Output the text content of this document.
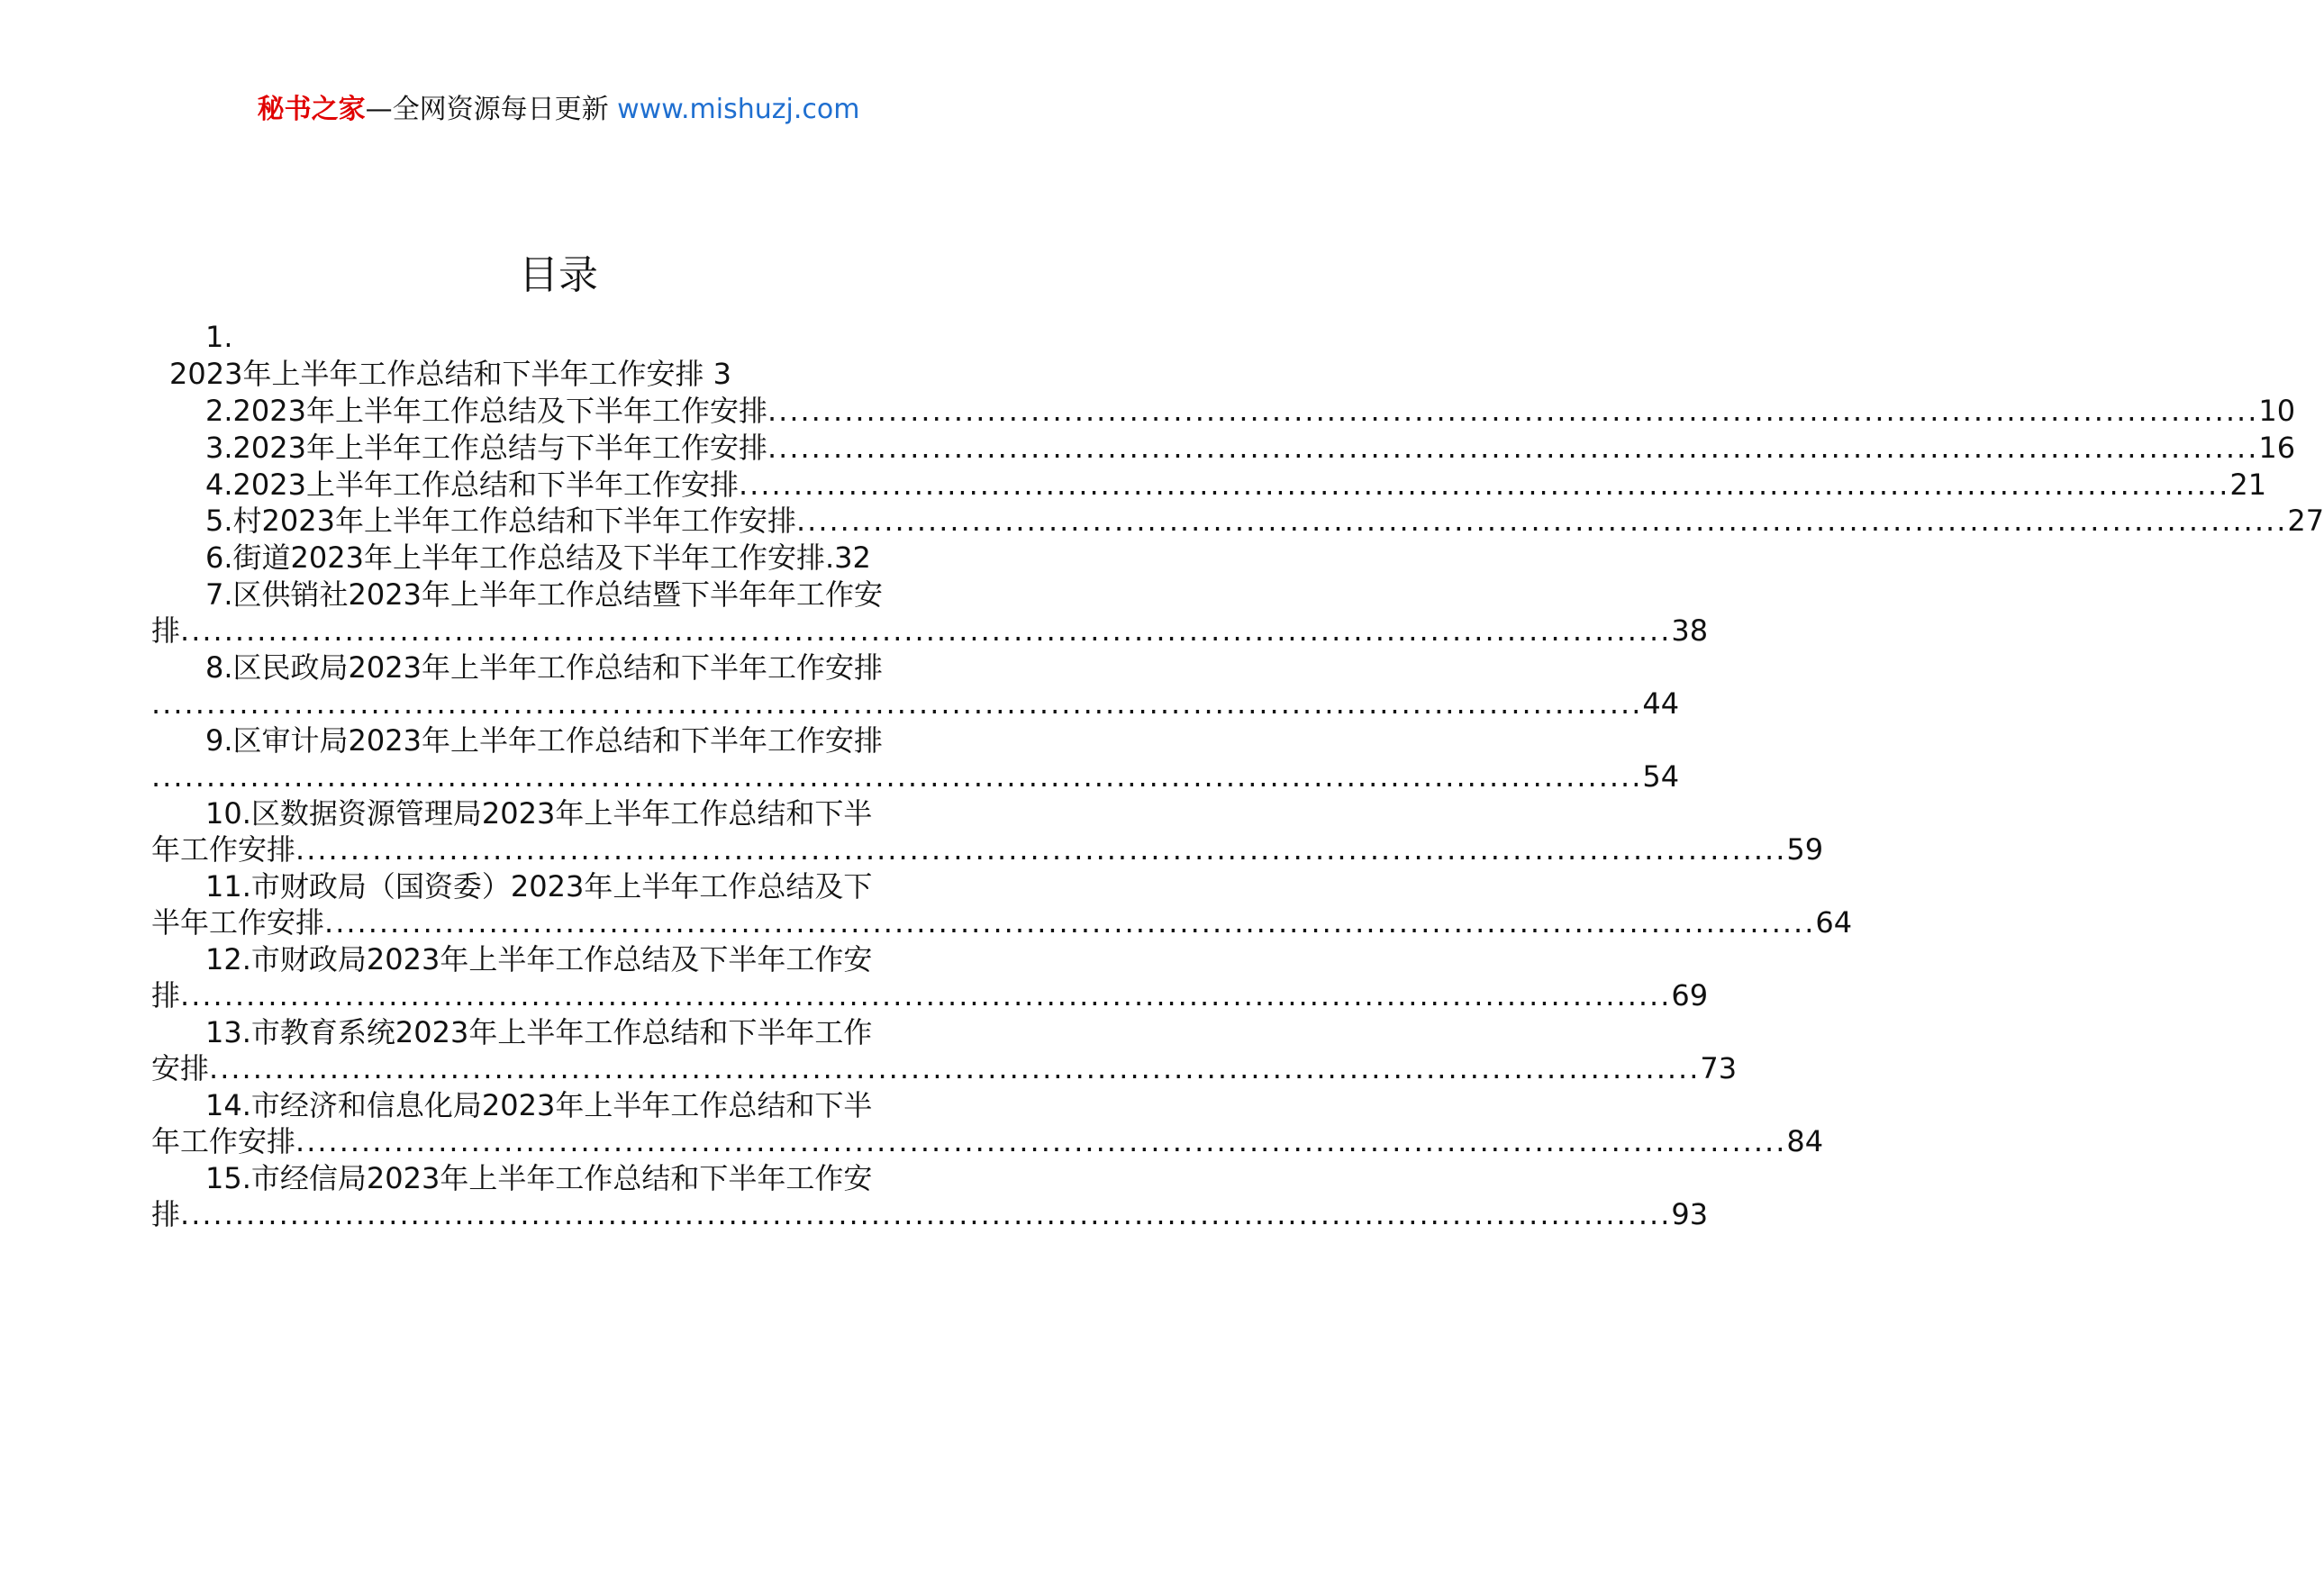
秘书之家—全网资源每日更新 www.mishuzj.com
目录
1.
2023年上半年工作总结和下半年工作安排 3
2.2023年上半年工作总结及下半年工作安排 ........................................................................................................................................ 10
3.2023年上半年工作总结与下半年工作安排 ........................................................................................................................................ 16
4.2023上半年工作总结和下半年工作安排 ........................................................................................................................................ 21
5.村2023年上半年工作总结和下半年工作安排 ........................................................................................................................................ 27
6.街道2023年上半年工作总结及下半年工作安排. 32
7.区供销社2023年上半年工作总结暨下半年年工作安
排 ........................................................................................................................................ 38
8.区民政局2023年上半年工作总结和下半年工作安排
........................................................................................................................................ 44
9.区审计局2023年上半年工作总结和下半年工作安排
........................................................................................................................................ 54
10.区数据资源管理局2023年上半年工作总结和下半
年工作安排 ........................................................................................................................................ 59
11.市财政局（国资委）2023年上半年工作总结及下
半年工作安排 ........................................................................................................................................ 64
12.市财政局2023年上半年工作总结及下半年工作安
排 ........................................................................................................................................ 69
13.市教育系统2023年上半年工作总结和下半年工作
安排 ........................................................................................................................................ 73
14.市经济和信息化局2023年上半年工作总结和下半
年工作安排 ........................................................................................................................................ 84
15.市经信局2023年上半年工作总结和下半年工作安
排 ........................................................................................................................................ 93
